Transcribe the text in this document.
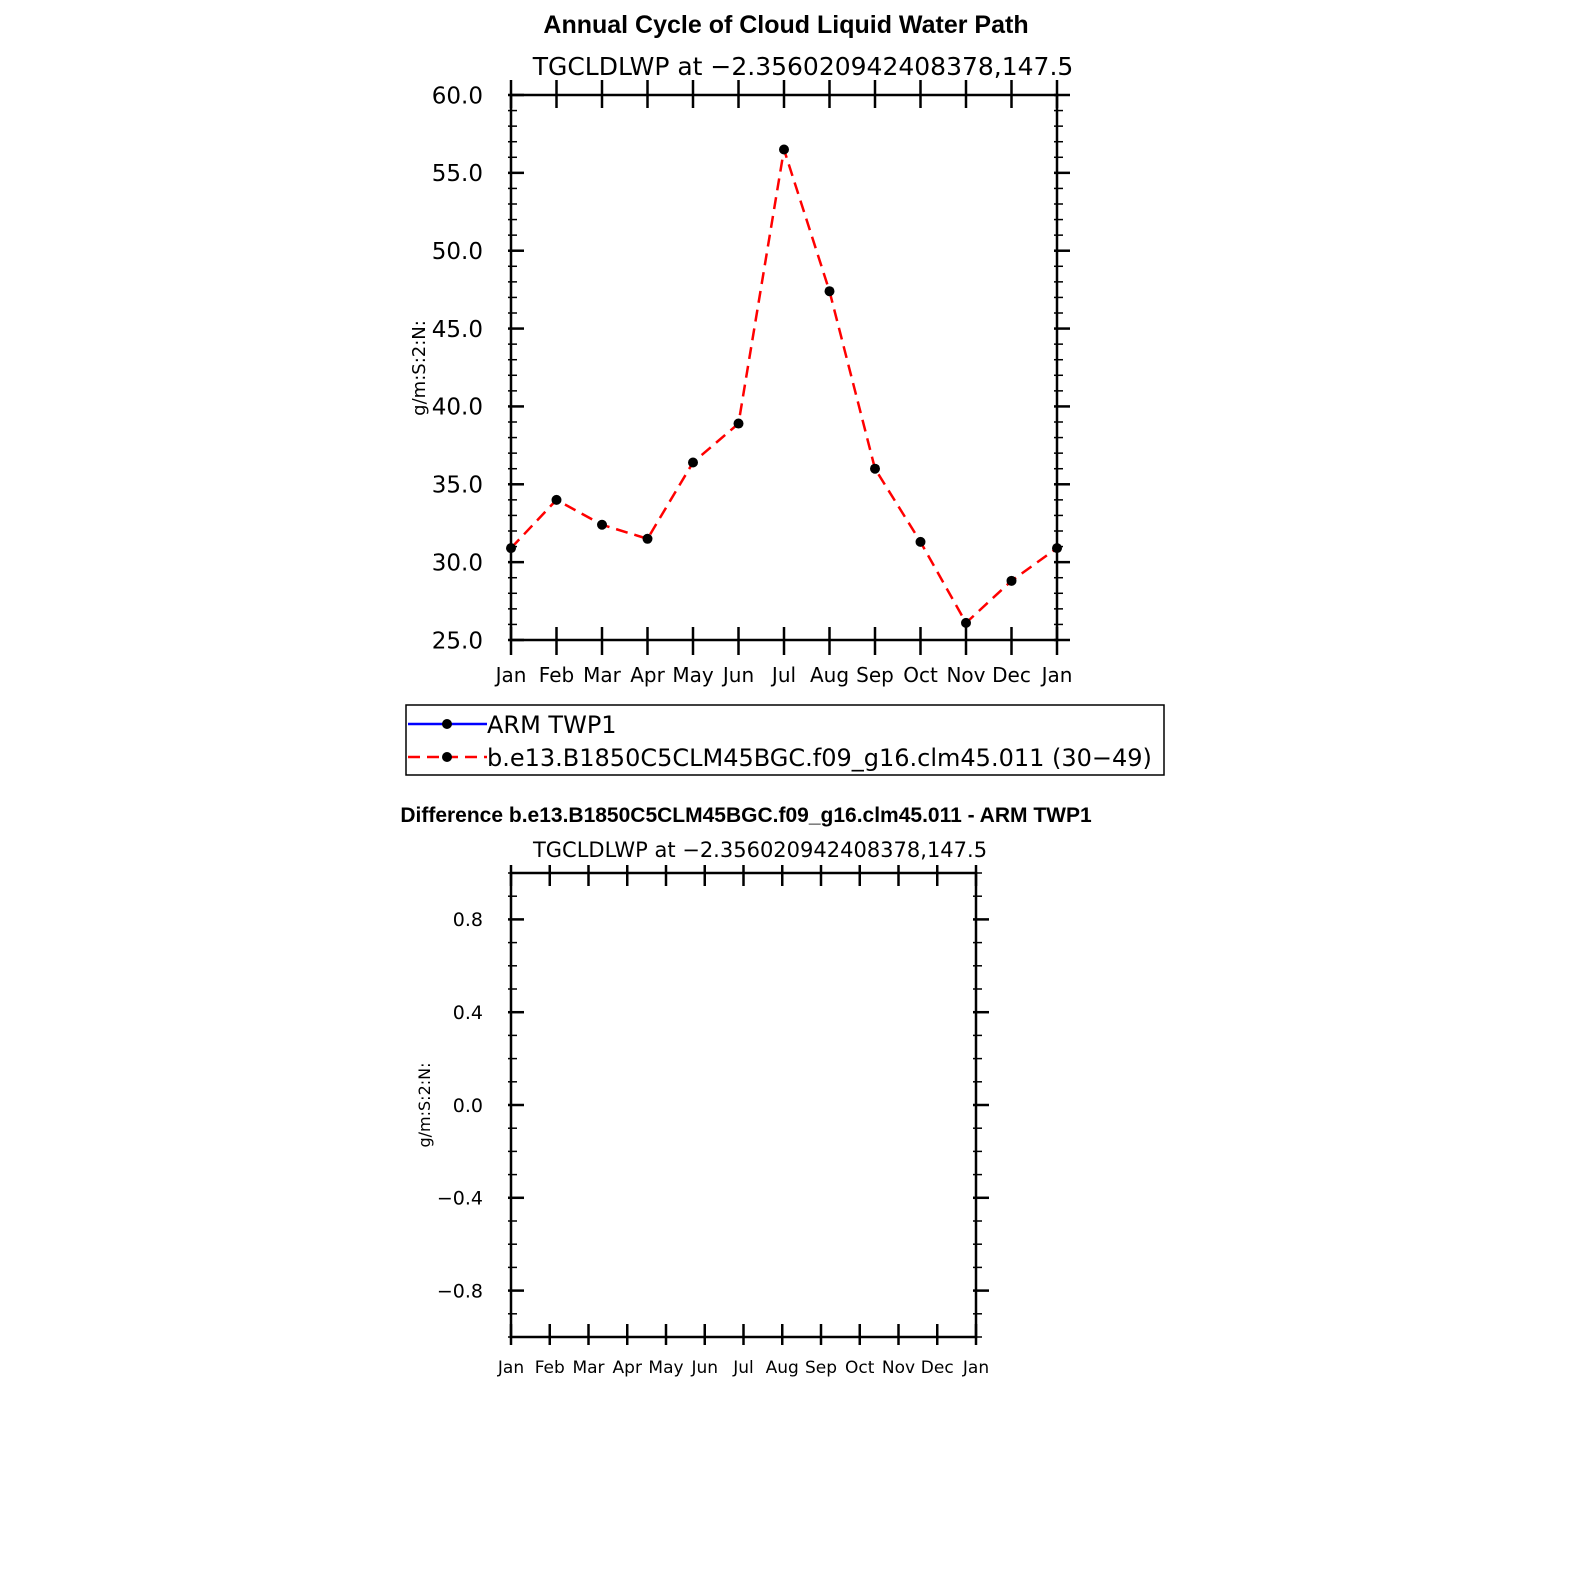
Annual Cycle of Cloud Liquid Water Path
TGCLDLWP at −2.356020942408378,147.5
g/m:S:2:N:
25.0
30.0
35.0
40.0
45.0
50.0
55.0
60.0
Jan Feb Mar Apr May Jun Jul Aug Sep Oct Nov Dec Jan
ARM TWP1
b.e13.B1850C5CLM45BGC.f09_g16.clm45.011 (30−49)
Difference b.e13.B1850C5CLM45BGC.f09_g16.clm45.011 - ARM TWP1
TGCLDLWP at −2.356020942408378,147.5
g/m:S:2:N:
−0.8
−0.4
0.0
0.4
0.8
Jan Feb Mar Apr May Jun Jul Aug Sep Oct Nov Dec Jan
